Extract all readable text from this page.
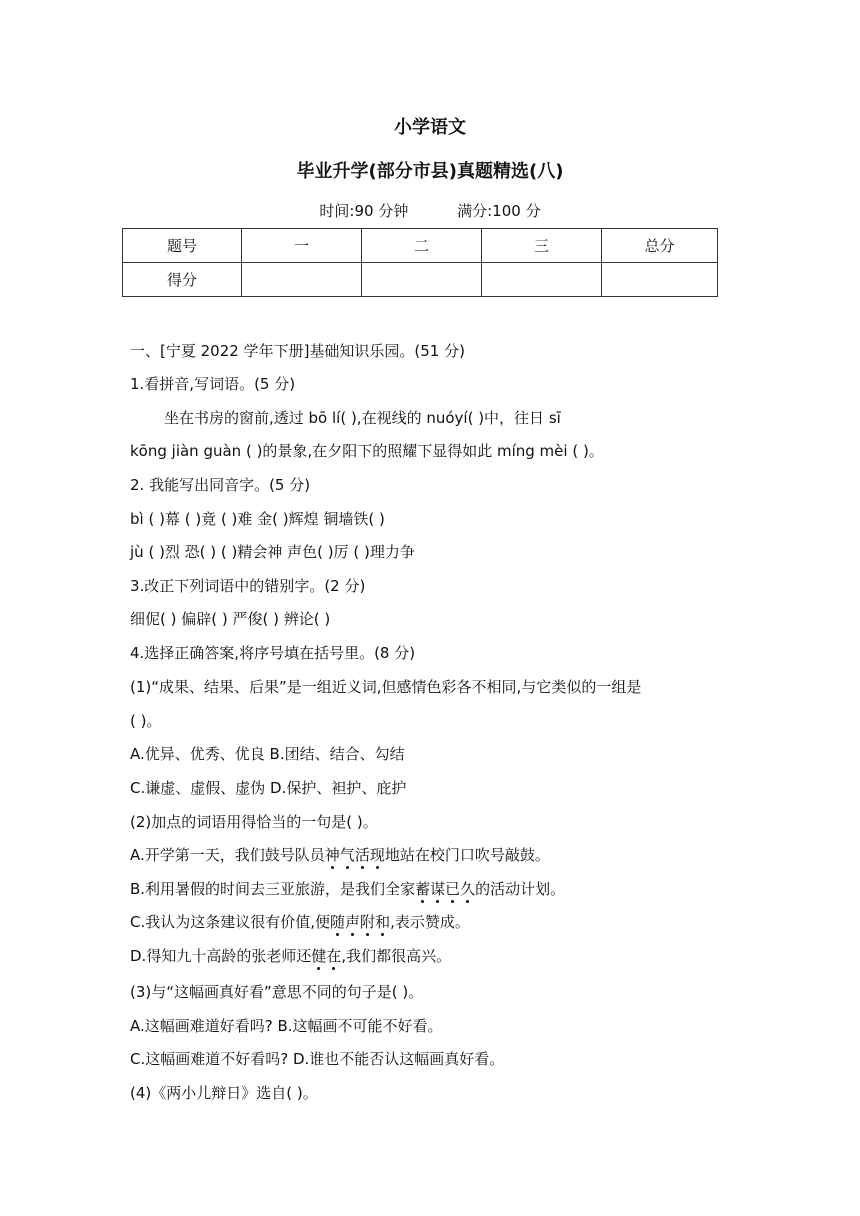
小学语文
毕业升学(部分市县)真题精选(八)
时间:90 分钟	满分:100 分
题号	一	二	三	总分
得分				
一、[宁夏 2022 学年下册]基础知识乐园。(51 分)
1.看拼音,写词语。(5 分)
坐在书房的窗前,透过 bō lí( ),在视线的 nuóyí( )中，往日 sī
kōng jiàn guàn ( )的景象,在夕阳下的照耀下显得如此 míng mèi ( )。
2. 我能写出同音字。(5 分)
bì ( )幕 ( )竟 ( )难 金( )辉煌 铜墙铁( )
jù ( )烈 恐( ) ( )精会神 声色( )厉 ( )理力争
3.改正下列词语中的错别字。(2 分)
细伲( ) 偏辟( ) 严俊( ) 辨论( )
4.选择正确答案,将序号填在括号里。(8 分)
(1)“成果、结果、后果”是一组近义词,但感情色彩各不相同,与它类似的一组是
( )。
A.优异、优秀、优良 B.团结、结合、勾结
C.谦虚、虚假、虚伪 D.保护、袒护、庇护
(2)加点的词语用得恰当的一句是( )。
A.开学第一天，我们鼓号队员神气活现地站在校门口吹号敲鼓。
B.利用暑假的时间去三亚旅游，是我们全家蓄谋已久的活动计划。
C.我认为这条建议很有价值,便随声附和,表示赞成。
D.得知九十高龄的张老师还健在,我们都很高兴。
(3)与“这幅画真好看”意思不同的句子是( )。
A.这幅画难道好看吗? B.这幅画不可能不好看。
C.这幅画难道不好看吗? D.谁也不能否认这幅画真好看。
(4)《两小儿辩日》选自( )。
